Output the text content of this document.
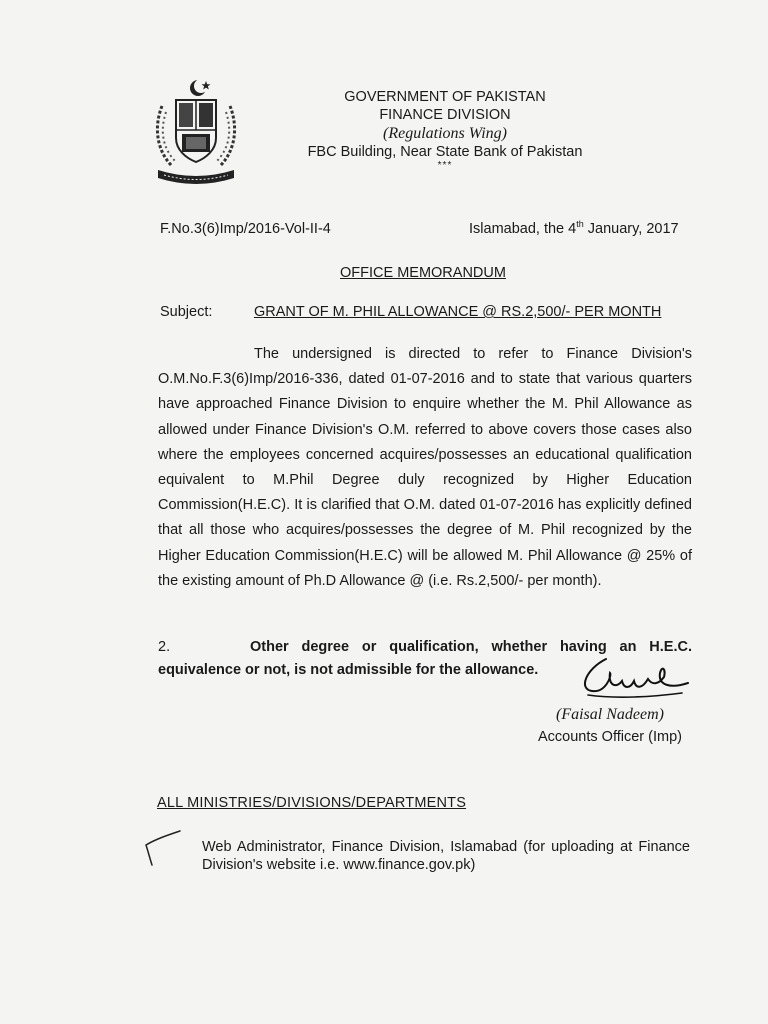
GOVERNMENT OF PAKISTAN
FINANCE DIVISION
(Regulations Wing)
FBC Building, Near State Bank of Pakistan
***
F.No.3(6)Imp/2016-Vol-II-4	Islamabad, the 4th January, 2017
OFFICE MEMORANDUM
Subject:	GRANT OF M. PHIL ALLOWANCE @ RS.2,500/- PER MONTH

The undersigned is directed to refer to Finance Division's O.M.No.F.3(6)Imp/2016-336, dated 01-07-2016 and to state that various quarters have approached Finance Division to enquire whether the M. Phil Allowance as allowed under Finance Division's O.M. referred to above covers those cases also where the employees concerned acquires/possesses an educational qualification equivalent to M.Phil Degree duly recognized by Higher Education Commission(H.E.C). It is clarified that O.M. dated 01-07-2016 has explicitly defined that all those who acquires/possesses the degree of M. Phil recognized by the Higher Education Commission(H.E.C) will be allowed M. Phil Allowance @ 25% of the existing amount of Ph.D Allowance @ (i.e. Rs.2,500/- per month).

2.	Other degree or qualification, whether having an H.E.C. equivalence or not, is not admissible for the allowance.

(Faisal Nadeem)
Accounts Officer (Imp)
ALL MINISTRIES/DIVISIONS/DEPARTMENTS

Web Administrator, Finance Division, Islamabad (for uploading at Finance Division's website i.e. www.finance.gov.pk)
